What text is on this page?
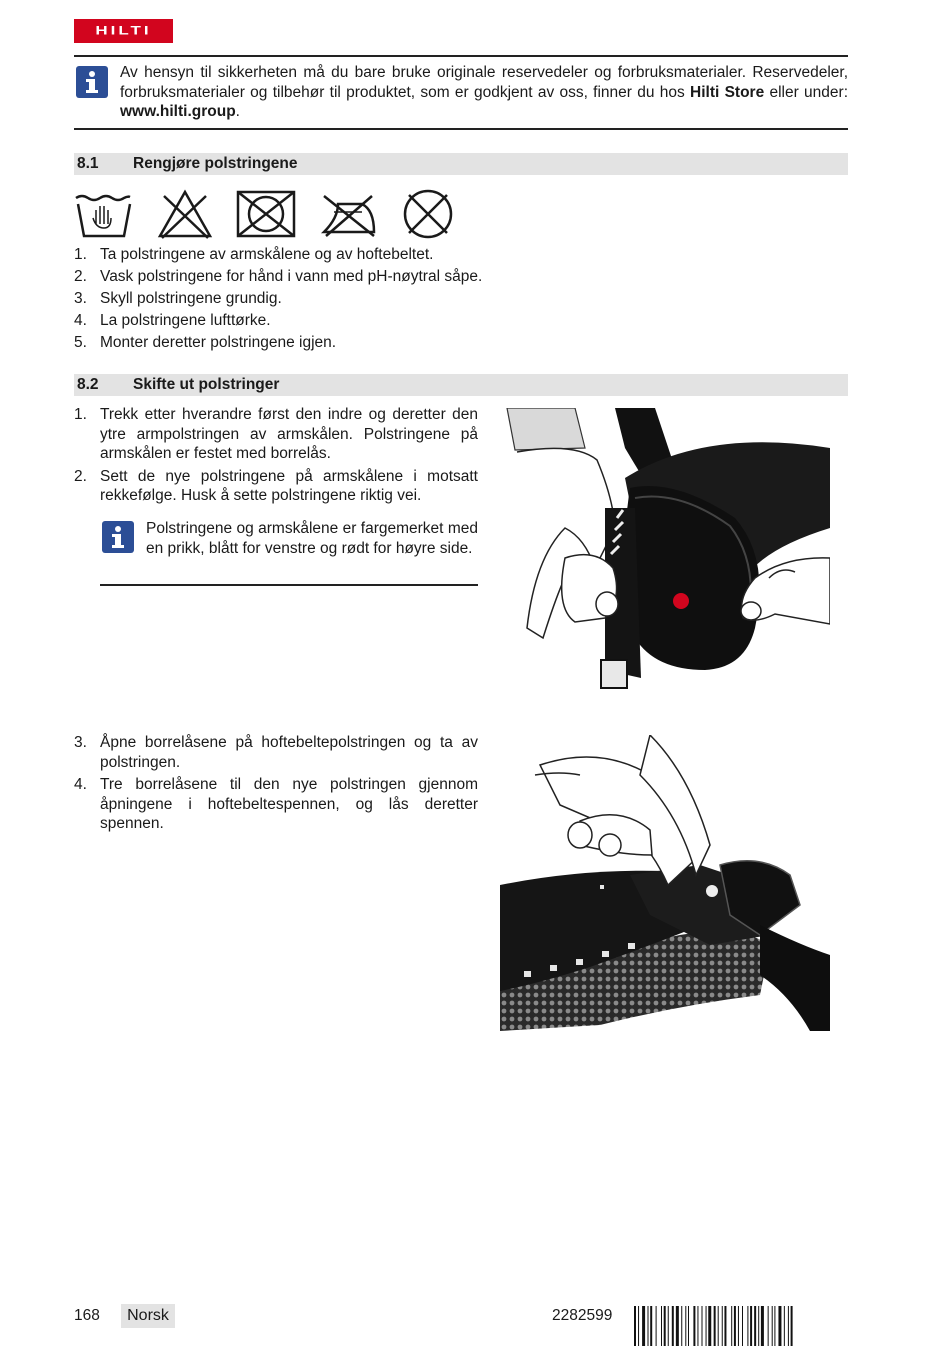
HILTI
Av hensyn til sikkerheten må du bare bruke originale reservedeler og forbruksmaterialer. Reservedeler, forbruksmaterialer og tilbehør til produktet, som er godkjent av oss, finner du hos Hilti Store eller under: www.hilti.group.
8.1 Rengjøre polstringene
1. Ta polstringene av armskålene og av hoftebeltet.
2. Vask polstringene for hånd i vann med pH-nøytral såpe.
3. Skyll polstringene grundig.
4. La polstringene lufttørke.
5. Monter deretter polstringene igjen.
8.2 Skifte ut polstringer
1. Trekk etter hverandre først den indre og deretter den ytre armpolstringen av armskålen. Polstringene på armskålen er festet med borrelås.
2. Sett de nye polstringene på armskålene i motsatt rekkefølge. Husk å sette polstringene riktig vei.
Polstringene og armskålene er fargemerket med en prikk, blått for venstre og rødt for høyre side.
3. Åpne borrelåsene på hoftebeltepolstringen og ta av polstringen.
4. Tre borrelåsene til den nye polstringen gjennom åpningene i hoftebeltespennen, og lås deretter spennen.
168	Norsk	2282599
